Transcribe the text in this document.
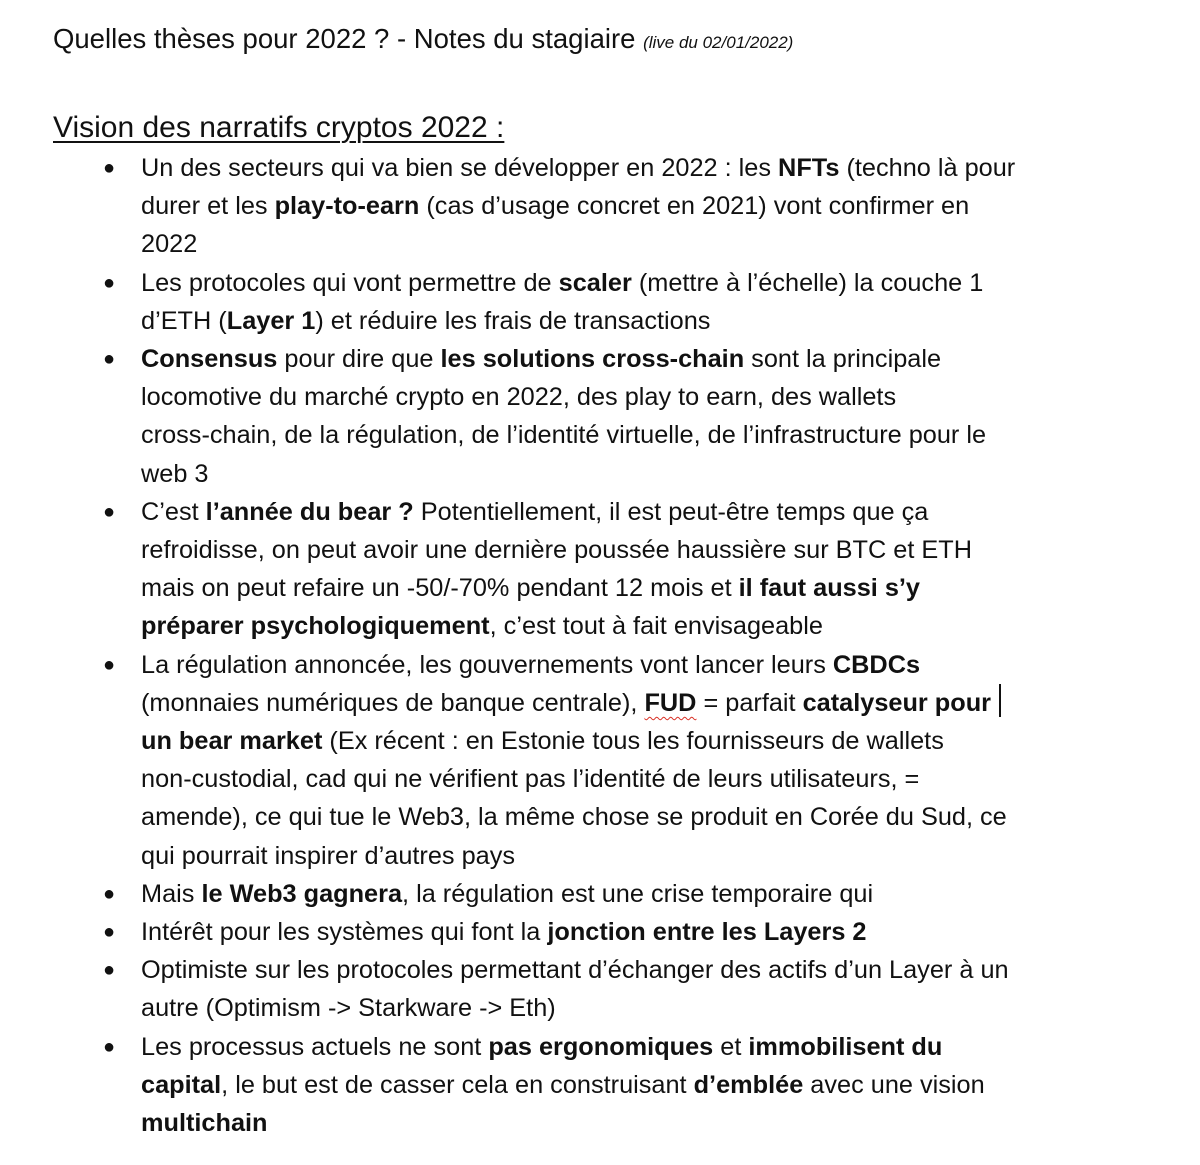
Quelles thèses pour 2022 ? - Notes du stagiaire (live du 02/01/2022)
Vision des narratifs cryptos 2022 :
● Un des secteurs qui va bien se développer en 2022 : les NFTs (techno là pour
durer et les play-to-earn (cas d’usage concret en 2021) vont confirmer en
2022
● Les protocoles qui vont permettre de scaler (mettre à l’échelle) la couche 1
d’ETH (Layer 1) et réduire les frais de transactions
● Consensus pour dire que les solutions cross-chain sont la principale
locomotive du marché crypto en 2022, des play to earn, des wallets
cross-chain, de la régulation, de l’identité virtuelle, de l’infrastructure pour le
web 3
● C’est l’année du bear ? Potentiellement, il est peut-être temps que ça
refroidisse, on peut avoir une dernière poussée haussière sur BTC et ETH
mais on peut refaire un -50/-70% pendant 12 mois et il faut aussi s’y
préparer psychologiquement, c’est tout à fait envisageable
● La régulation annoncée, les gouvernements vont lancer leurs CBDCs
(monnaies numériques de banque centrale), FUD = parfait catalyseur pour
un bear market (Ex récent : en Estonie tous les fournisseurs de wallets
non-custodial, cad qui ne vérifient pas l’identité de leurs utilisateurs, =
amende), ce qui tue le Web3, la même chose se produit en Corée du Sud, ce
qui pourrait inspirer d’autres pays
● Mais le Web3 gagnera, la régulation est une crise temporaire qui
● Intérêt pour les systèmes qui font la jonction entre les Layers 2
● Optimiste sur les protocoles permettant d’échanger des actifs d’un Layer à un
autre (Optimism -> Starkware -> Eth)
● Les processus actuels ne sont pas ergonomiques et immobilisent du
capital, le but est de casser cela en construisant d’emblée avec une vision
multichain
